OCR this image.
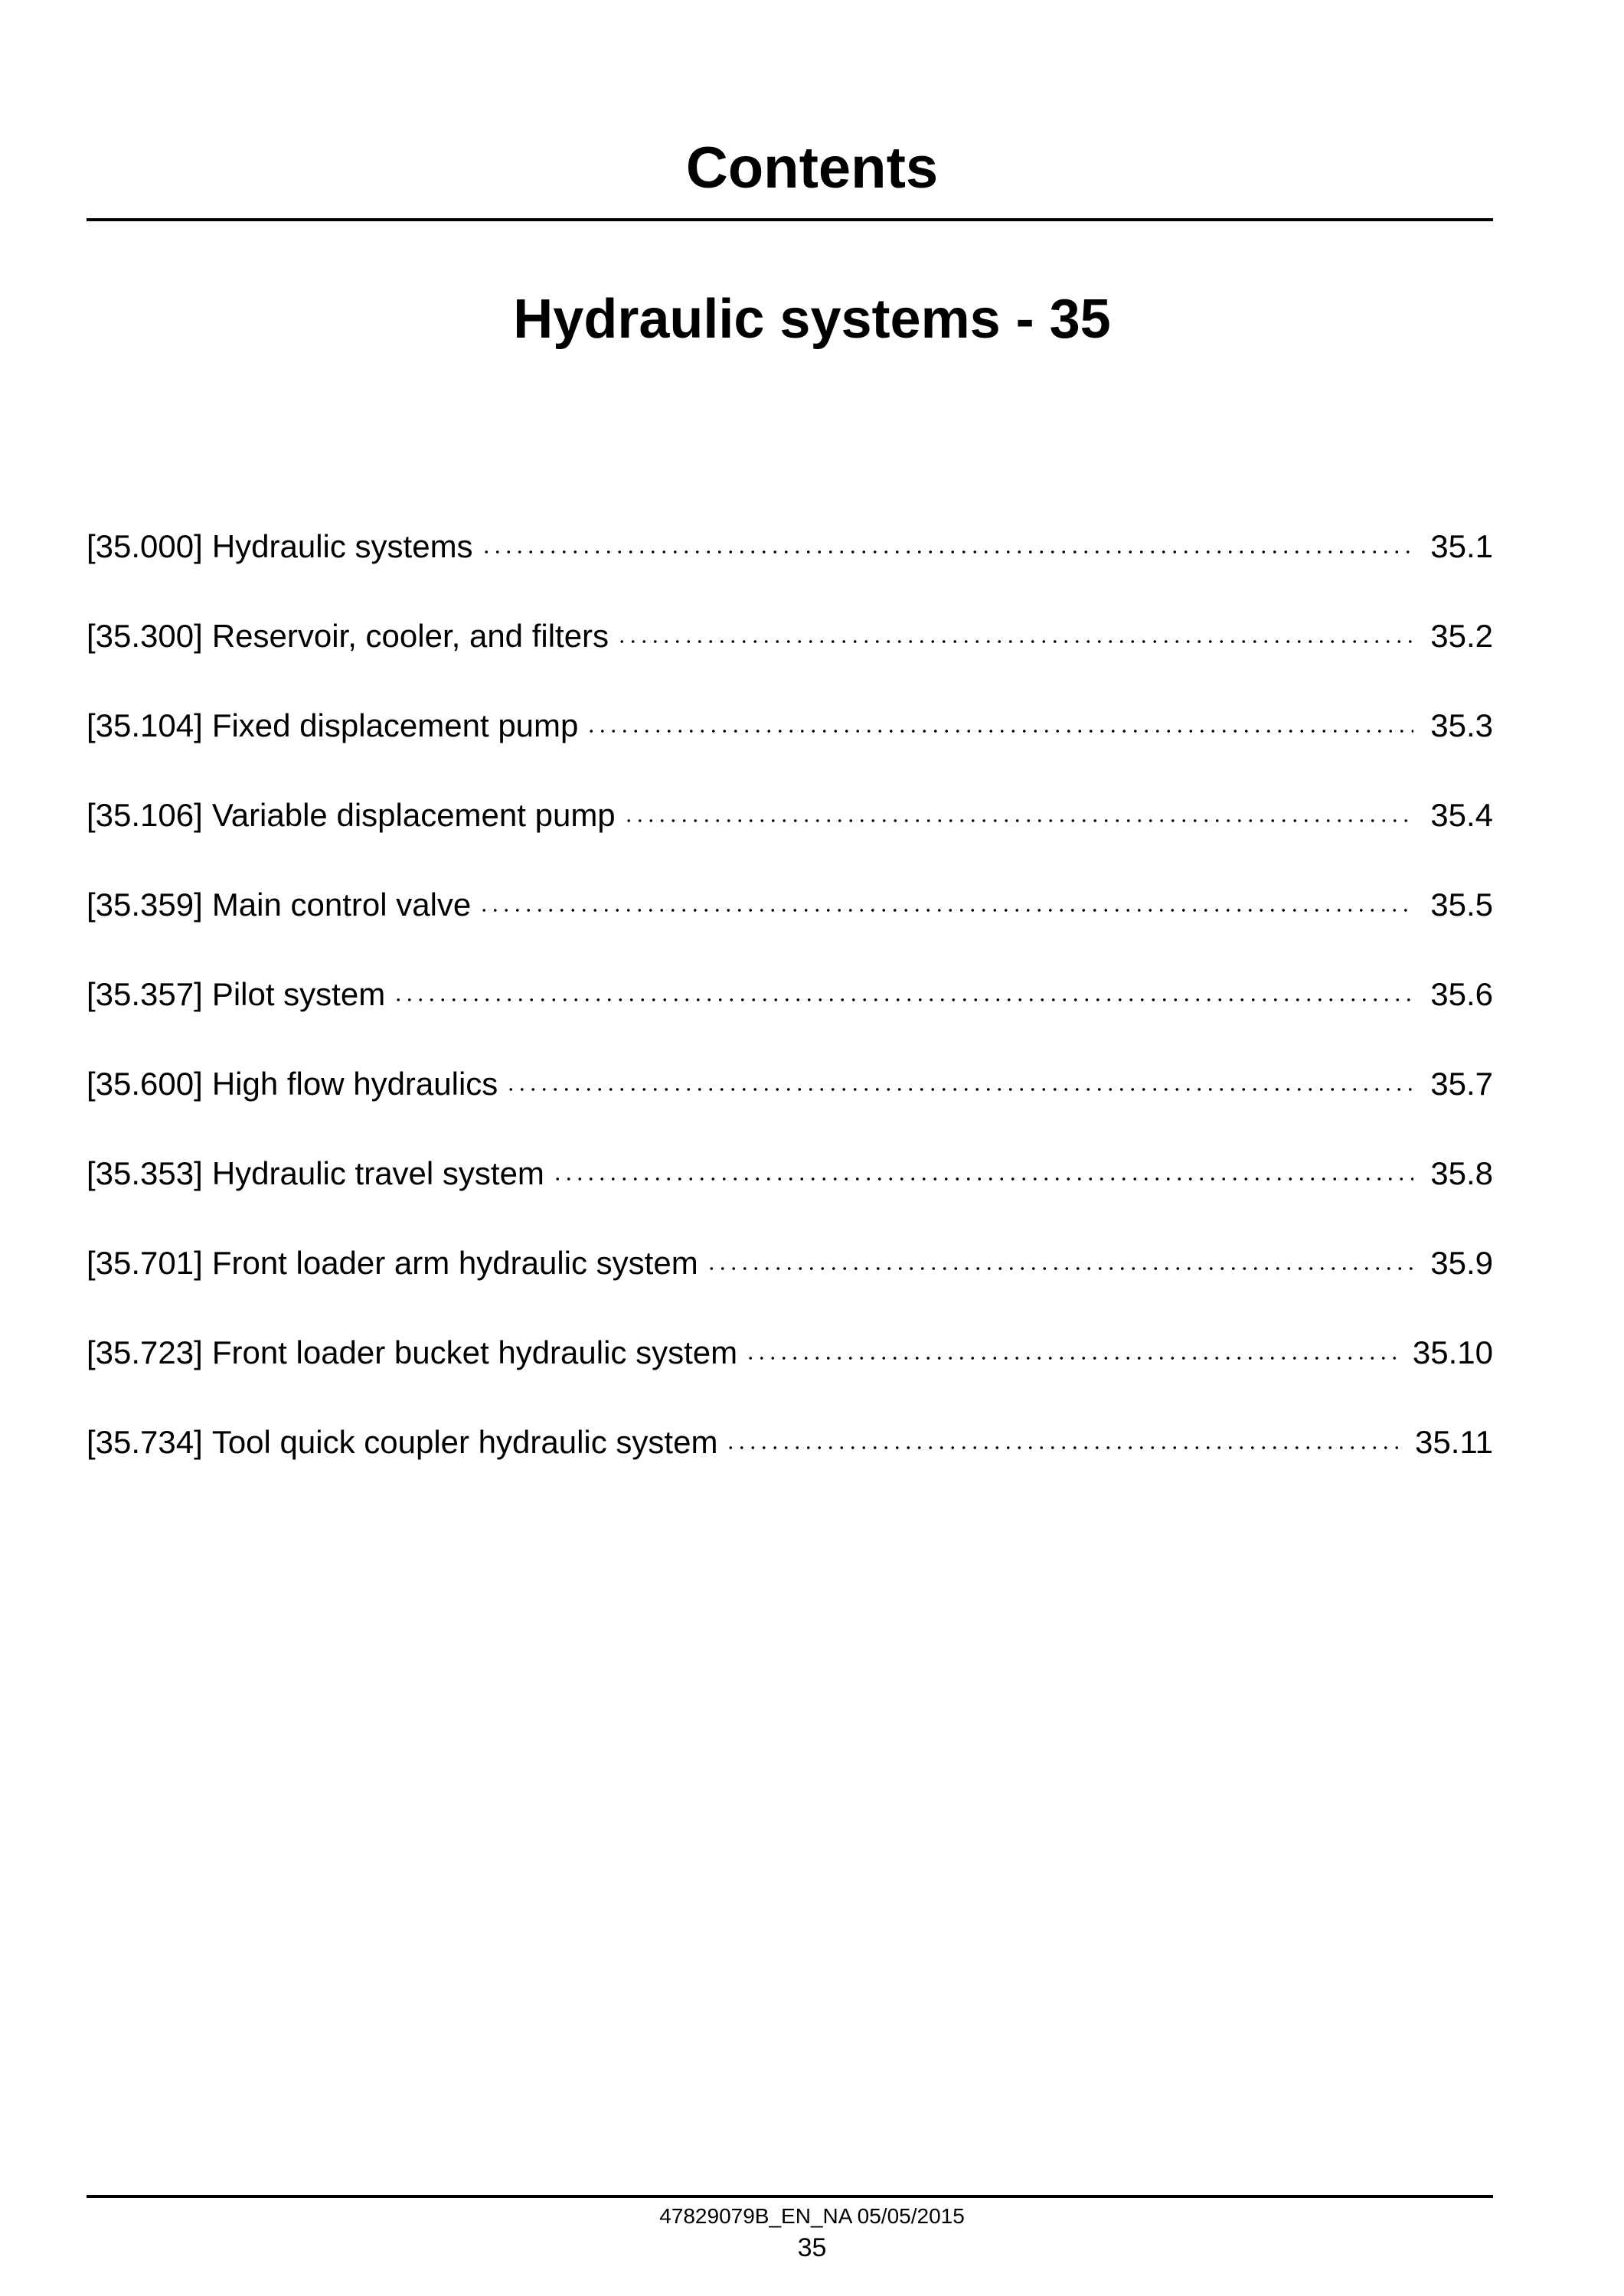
Contents
Hydraulic systems - 35
[35.000] Hydraulic systems	35.1
[35.300] Reservoir, cooler, and filters	35.2
[35.104] Fixed displacement pump	35.3
[35.106] Variable displacement pump	35.4
[35.359] Main control valve	35.5
[35.357] Pilot system	35.6
[35.600] High flow hydraulics	35.7
[35.353] Hydraulic travel system	35.8
[35.701] Front loader arm hydraulic system	35.9
[35.723] Front loader bucket hydraulic system	35.10
[35.734] Tool quick coupler hydraulic system	35.11
47829079B_EN_NA 05/05/2015
35
